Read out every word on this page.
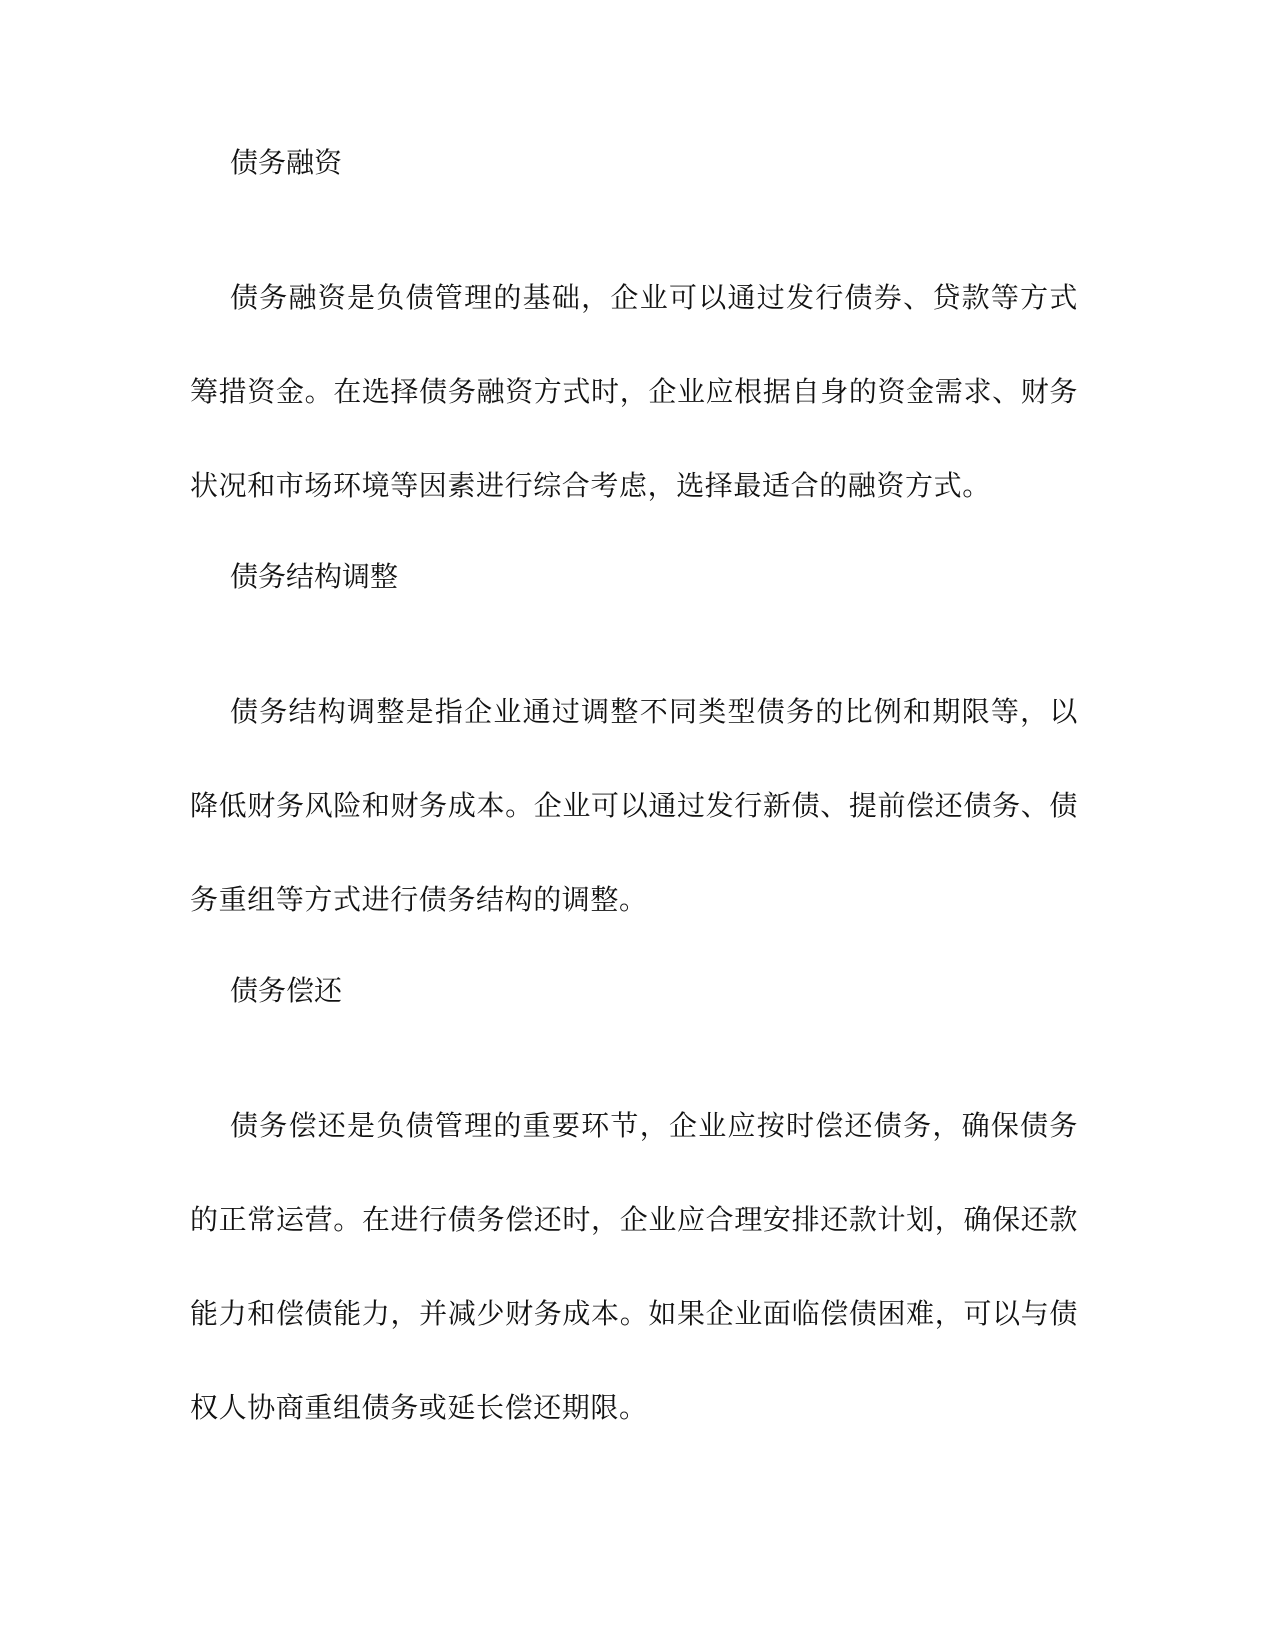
债务融资

债务融资是负债管理的基础，企业可以通过发行债券、贷款等方式筹措资金。在选择债务融资方式时，企业应根据自身的资金需求、财务状况和市场环境等因素进行综合考虑，选择最适合的融资方式。

债务结构调整

债务结构调整是指企业通过调整不同类型债务的比例和期限等，以降低财务风险和财务成本。企业可以通过发行新债、提前偿还债务、债务重组等方式进行债务结构的调整。

债务偿还

债务偿还是负债管理的重要环节，企业应按时偿还债务，确保债务的正常运营。在进行债务偿还时，企业应合理安排还款计划，确保还款能力和偿债能力，并减少财务成本。如果企业面临偿债困难，可以与债权人协商重组债务或延长偿还期限。
